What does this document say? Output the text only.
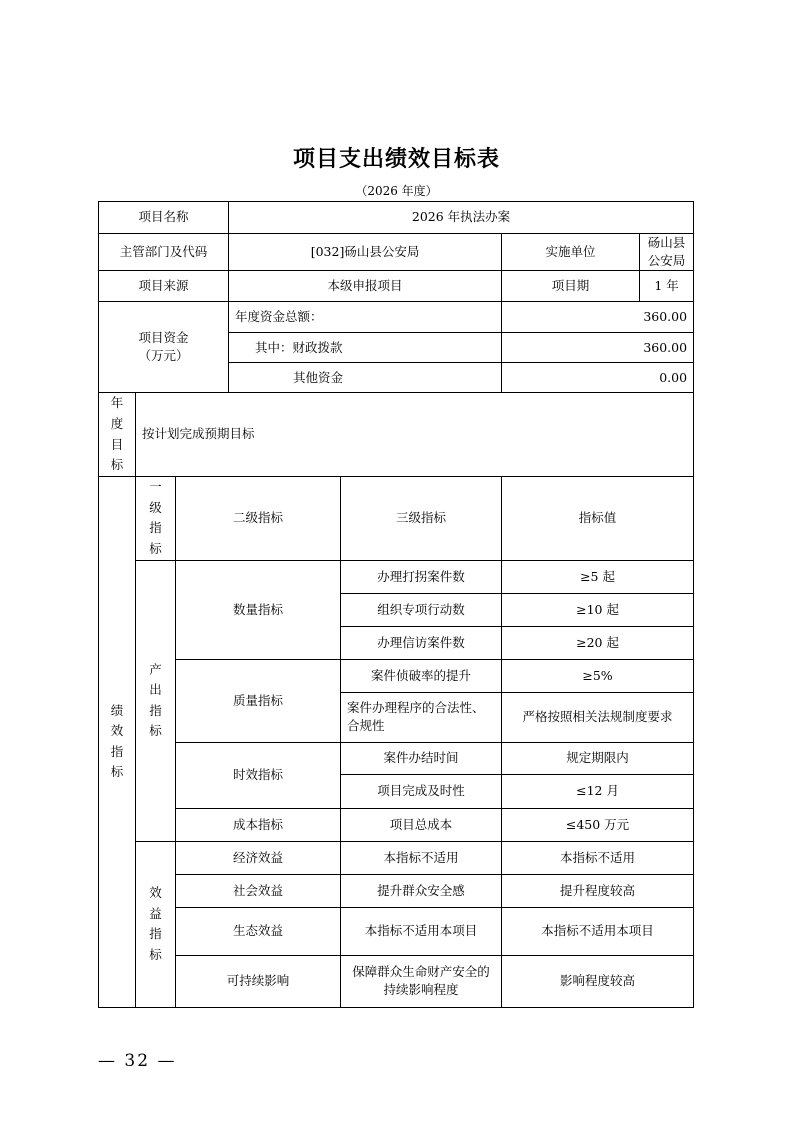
项目支出绩效目标表
（2026 年度）
项目名称			2026 年执法办案			
主管部门及代码			[032]砀山县公安局		实施单位	砀山县公安局
项目来源			本级申报项目		项目期	1 年

项目资金
（万元）			年度资金总额：		360.00	
			其中：财政拨款		360.00	
			其他资金		0.00	

年度目标	按计划完成预期目标					

绩效指标	一级指标	二级指标		三级指标	指标值	

	产出指标	数量指标		办理打拐案件数	≥5 起	
				组织专项行动数	≥10 起	
				办理信访案件数	≥20 起	
		质量指标		案件侦破率的提升	≥5%	
				案件办理程序的合法性、合规性	严格按照相关法规制度要求	
		时效指标		案件办结时间	规定期限内	
				项目完成及时性	≤12 月	
		成本指标		项目总成本	≤450 万元	

	效益指标	经济效益		本指标不适用	本指标不适用	
		社会效益		提升群众安全感	提升程度较高	
		生态效益		本指标不适用本项目	本指标不适用本项目	
		可持续影响		保障群众生命财产安全的持续影响程度	影响程度较高	
— 32 —
